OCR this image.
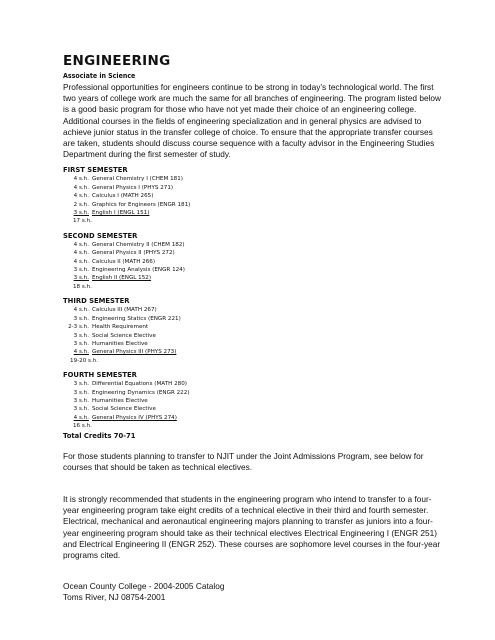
ENGINEERING
Associate in Science

Professional opportunities for engineers continue to be strong in today’s technological world. The first two years of college work are much the same for all branches of engineering. The program listed below is a good basic program for those who have not yet made their choice of an engineering college. Additional courses in the fields of engineering specialization and in general physics are advised to achieve junior status in the transfer college of choice. To ensure that the appropriate transfer courses are taken, students should discuss course sequence with a faculty advisor in the Engineering Studies Department during the first semester of study.

FIRST SEMESTER
4 s.h. General Chemistry I (CHEM 181)
4 s.h. General Physics I (PHYS 271)
4 s.h. Calculus I (MATH 265)
2 s.h. Graphics for Engineers (ENGR 181)
3 s.h. English I (ENGL 151)
17 s.h.
SECOND SEMESTER
4 s.h. General Chemistry II (CHEM 182)
4 s.h. General Physics II (PHYS 272)
4 s.h. Calculus II (MATH 266)
3 s.h. Engineering Analysis (ENGR 124)
3 s.h. English II (ENGL 152)
18 s.h.
THIRD SEMESTER
4 s.h. Calculus III (MATH 267)
3 s.h. Engineering Statics (ENGR 221)
2-3 s.h. Health Requirement
3 s.h. Social Science Elective
3 s.h. Humanities Elective
4 s.h. General Physics III (PHYS 273)
19-20 s.h.
FOURTH SEMESTER
3 s.h. Differential Equations (MATH 280)
3 s.h. Engineering Dynamics (ENGR 222)
3 s.h. Humanities Elective
3 s.h. Social Science Elective
4 s.h. General Physics IV (PHYS 274)
16 s.h.
Total Credits 70-71

For those students planning to transfer to NJIT under the Joint Admissions Program, see below for courses that should be taken as technical electives.

It is strongly recommended that students in the engineering program who intend to transfer to a four-year engineering program take eight credits of a technical elective in their third and fourth semester. Electrical, mechanical and aeronautical engineering majors planning to transfer as juniors into a four-year engineering program should take as their technical electives Electrical Engineering I (ENGR 251) and Electrical Engineering II (ENGR 252). These courses are sophomore level courses in the four-year programs cited.

Ocean County College - 2004-2005 Catalog
Toms River, NJ 08754-2001
